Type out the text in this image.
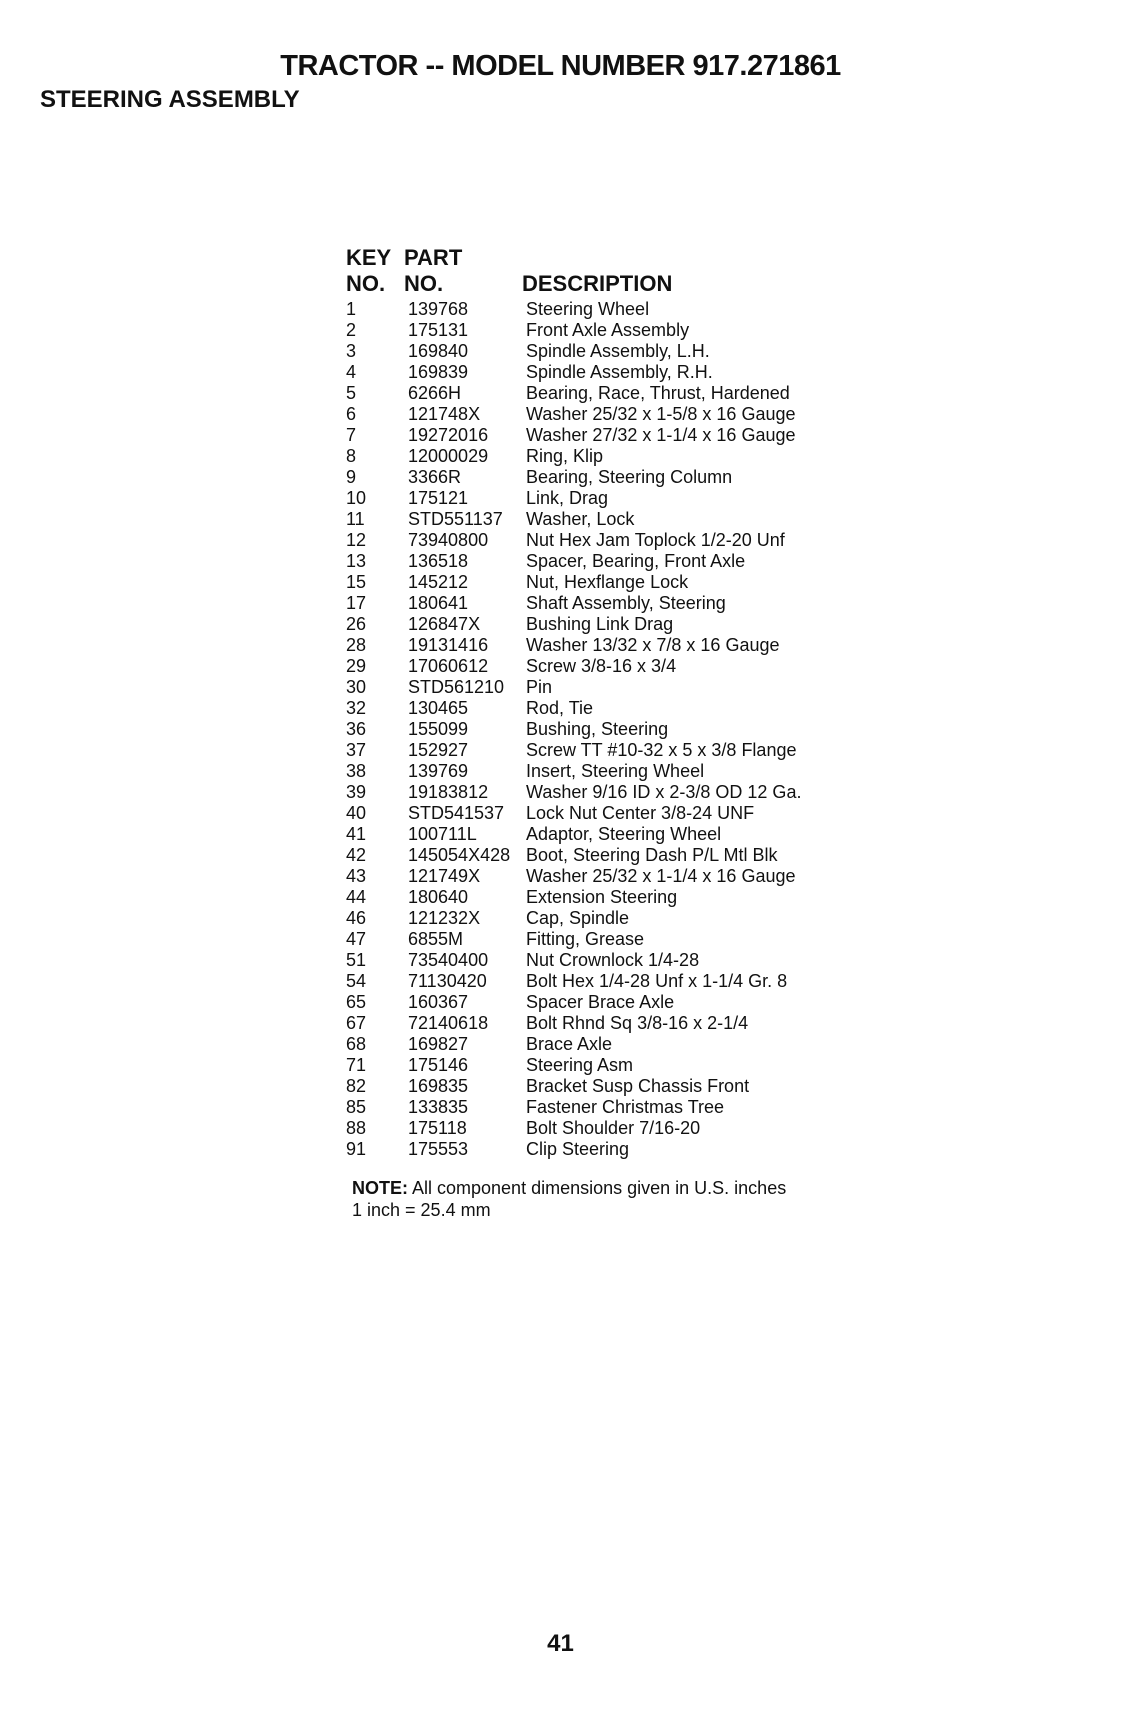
TRACTOR -- MODEL NUMBER 917.271861
STEERING ASSEMBLY
KEY
NO.
PART
NO.	DESCRIPTION
1	139768	Steering Wheel
2	175131	Front Axle Assembly
3	169840	Spindle Assembly, L.H.
4	169839	Spindle Assembly, R.H.
5	6266H	Bearing, Race, Thrust, Hardened
6	121748X	Washer 25/32 x 1-5/8 x 16 Gauge
7	19272016 Washer 27/32 x 1-1/4 x 16 Gauge
8	12000029 Ring, Klip
9	3366R	Bearing, Steering Column
10 175121	Link, Drag
11 STD551137 Washer, Lock
12 73940800 Nut Hex Jam Toplock 1/2-20 Unf
13 136518	Spacer, Bearing, Front Axle
15 145212	Nut, Hexflange Lock
17 180641	Shaft Assembly, Steering
26 126847X	Bushing Link Drag
28 19131416 Washer 13/32 x 7/8 x 16 Gauge
29 17060612 Screw 3/8-16 x 3/4
30 STD561210 Pin
32 130465	Rod, Tie
36 155099	Bushing, Steering
37 152927	Screw TT #10-32 x 5 x 3/8 Flange
38 139769	Insert, Steering Wheel
39 19183812 Washer 9/16 ID x 2-3/8 OD 12 Ga.
40 STD541537 Lock Nut Center 3/8-24 UNF
41 100711L	Adaptor, Steering Wheel
42 145054X428 Boot, Steering Dash P/L Mtl Blk
43 121749X	Washer 25/32 x 1-1/4 x 16 Gauge
44 180640	Extension Steering
46 121232X	Cap, Spindle
47 6855M	Fitting, Grease
51 73540400 Nut Crownlock 1/4-28
54 71130420 Bolt Hex 1/4-28 Unf x 1-1/4 Gr. 8
65 160367	Spacer Brace Axle
67 72140618 Bolt Rhnd Sq 3/8-16 x 2-1/4
68 169827	Brace Axle
71 175146	Steering Asm
82 169835	Bracket Susp Chassis Front
85 133835	Fastener Christmas Tree
88 175118	Bolt Shoulder 7/16-20
91 175553	Clip Steering
NOTE: All component dimensions given in U.S. inches
1 inch = 25.4 mm
41
